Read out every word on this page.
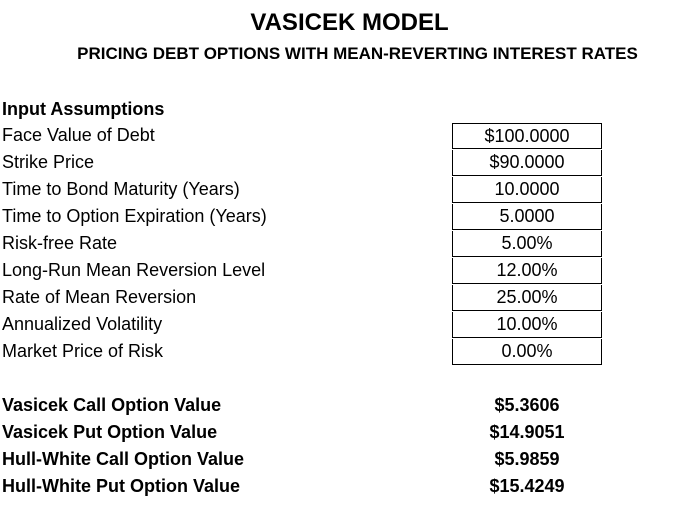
VASICEK MODEL
PRICING DEBT OPTIONS WITH MEAN-REVERTING INTEREST RATES
Input Assumptions
Face Value of Debt
Strike Price
Time to Bond Maturity (Years)
Time to Option Expiration (Years)
Risk-free Rate
Long-Run Mean Reversion Level
Rate of Mean Reversion
Annualized Volatility
Market Price of Risk
$100.0000
$90.0000
10.0000
5.0000
5.00%
12.00%
25.00%
10.00%
0.00%
Vasicek Call Option Value
Vasicek Put Option Value
Hull-White Call Option Value
Hull-White Put Option Value
$5.3606
$14.9051
$5.9859
$15.4249
